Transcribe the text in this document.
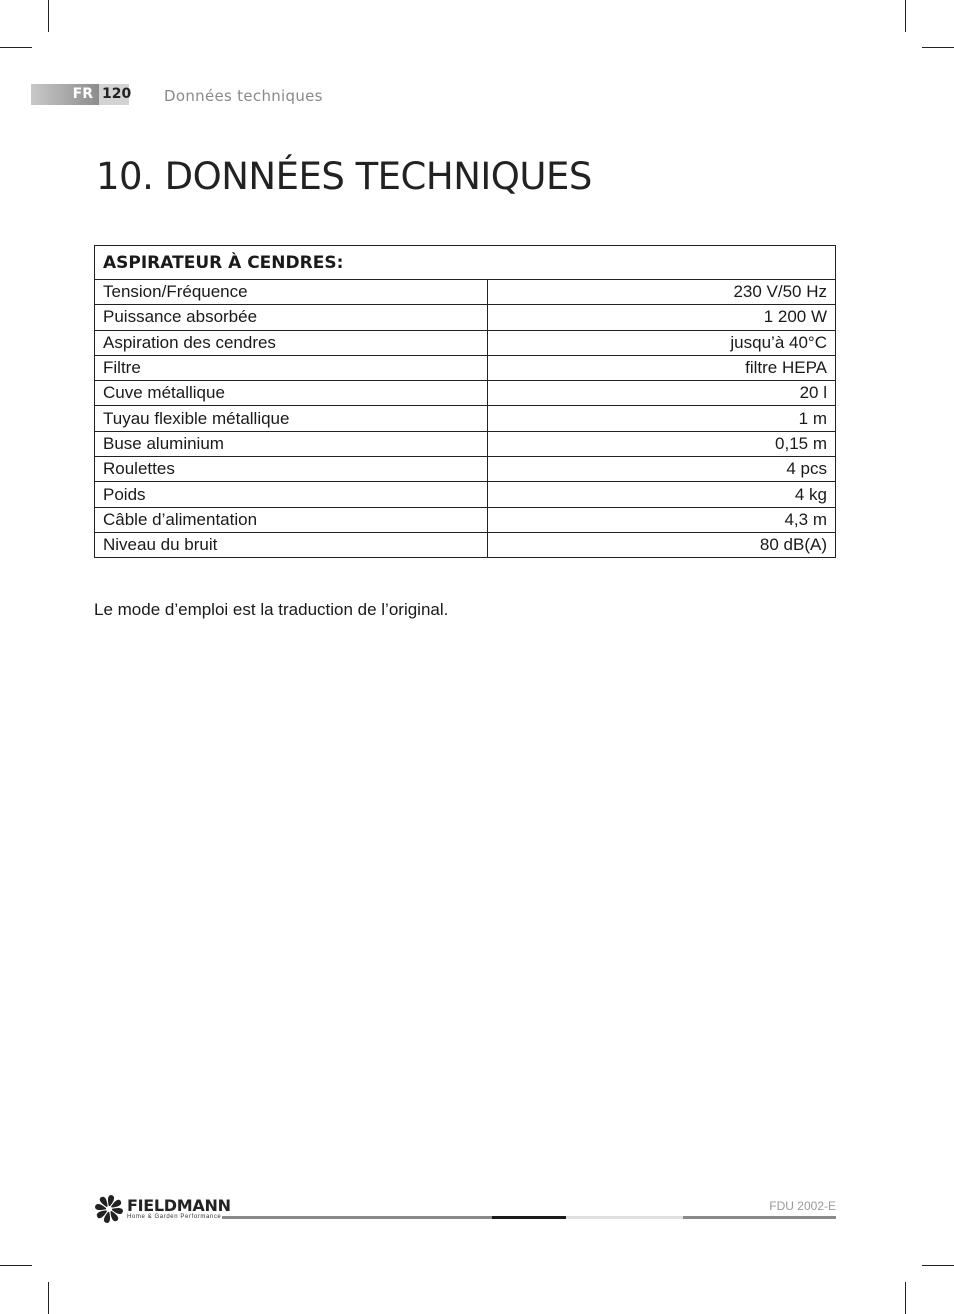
FR 120 Données techniques
10. DONNÉES TECHNIQUES
ASPIRATEUR À CENDRES:	
Tension/Fréquence	230 V/50 Hz
Puissance absorbée	1 200 W
Aspiration des cendres	jusqu’à 40°C
Filtre	filtre HEPA
Cuve métallique	20 l
Tuyau flexible métallique	1 m
Buse aluminium	0,15 m
Roulettes	4 pcs
Poids	4 kg
Câble d’alimentation	4,3 m
Niveau du bruit	80 dB(A)

Le mode d’emploi est la traduction de l’original.

FIELDMANN
Home & Garden Performance
FDU 2002-E
